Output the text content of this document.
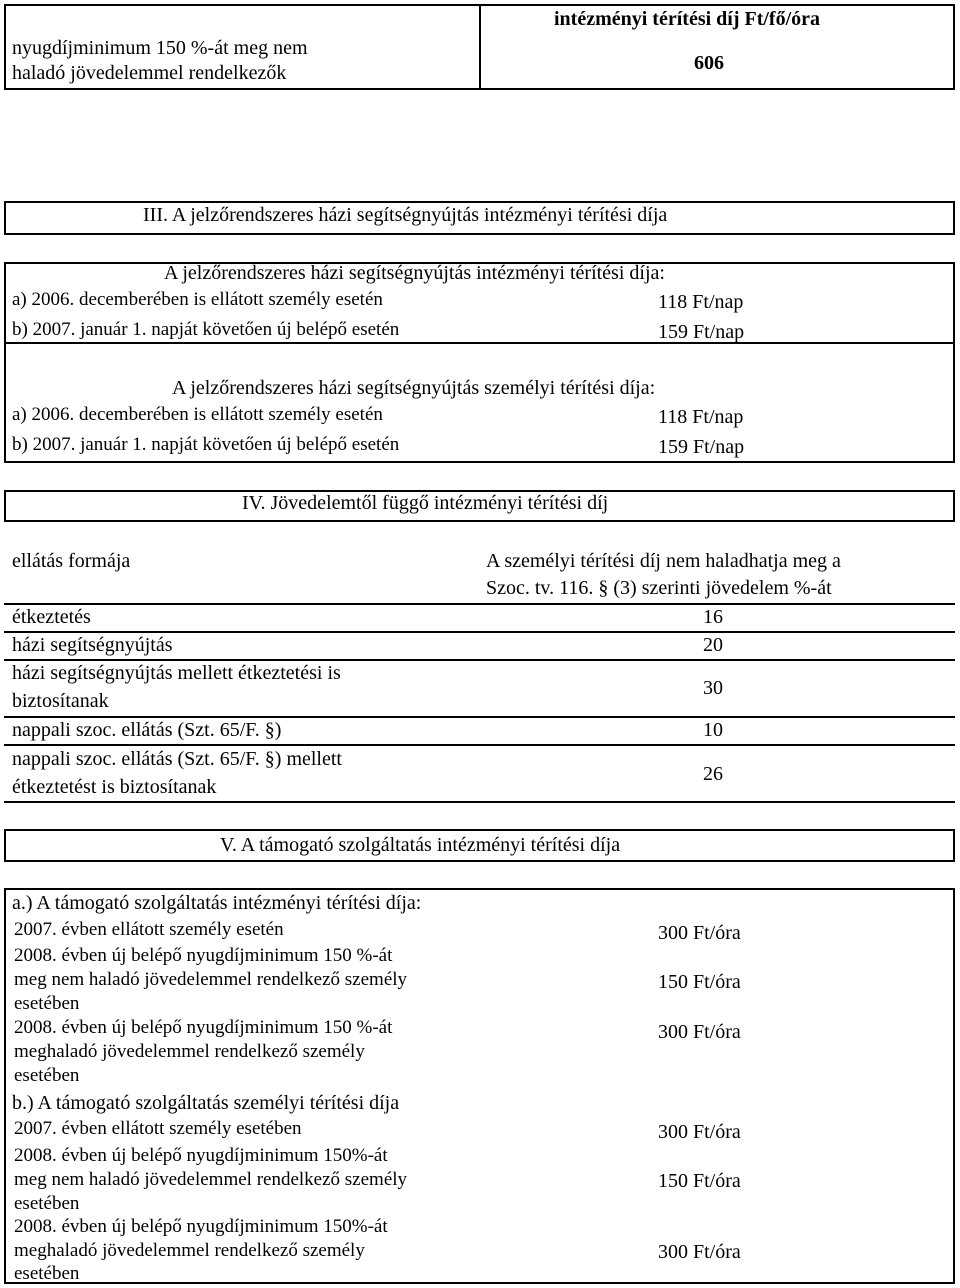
nyugdíjminimum 150 %-át meg nem
haladó jövedelemmel rendelkezők
intézményi térítési díj Ft/fő/óra
606
III. A jelzőrendszeres házi segítségnyújtás intézményi térítési díja
A jelzőrendszeres házi segítségnyújtás intézményi térítési díja:
a) 2006. decemberében is ellátott személy esetén	118 Ft/nap
b) 2007. január 1. napját követően új belépő esetén	159 Ft/nap
A jelzőrendszeres házi segítségnyújtás személyi térítési díja:
a) 2006. decemberében is ellátott személy esetén	118 Ft/nap
b) 2007. január 1. napját követően új belépő esetén	159 Ft/nap
IV. Jövedelemtől függő intézményi térítési díj
ellátás formája	A személyi térítési díj nem haladhatja meg a
Szoc. tv. 116. § (3) szerinti jövedelem %-át
étkeztetés	16
házi segítségnyújtás	20
házi segítségnyújtás mellett étkeztetési is
biztosítanak
30
nappali szoc. ellátás (Szt. 65/F. §)	10
nappali szoc. ellátás (Szt. 65/F. §) mellett
étkeztetést is biztosítanak
26
V. A támogató szolgáltatás intézményi térítési díja
a.) A támogató szolgáltatás intézményi térítési díja:
2007. évben ellátott személy esetén	300 Ft/óra
2008. évben új belépő nyugdíjminimum 150 %-át
meg nem haladó jövedelemmel rendelkező személy
esetében
150 Ft/óra
2008. évben új belépő nyugdíjminimum 150 %-át
meghaladó jövedelemmel rendelkező személy
esetében
300 Ft/óra
b.) A támogató szolgáltatás személyi térítési díja
2007. évben ellátott személy esetében	300 Ft/óra
2008. évben új belépő nyugdíjminimum 150%-át
meg nem haladó jövedelemmel rendelkező személy
esetében
150 Ft/óra
2008. évben új belépő nyugdíjminimum 150%-át
meghaladó jövedelemmel rendelkező személy
esetében
300 Ft/óra
